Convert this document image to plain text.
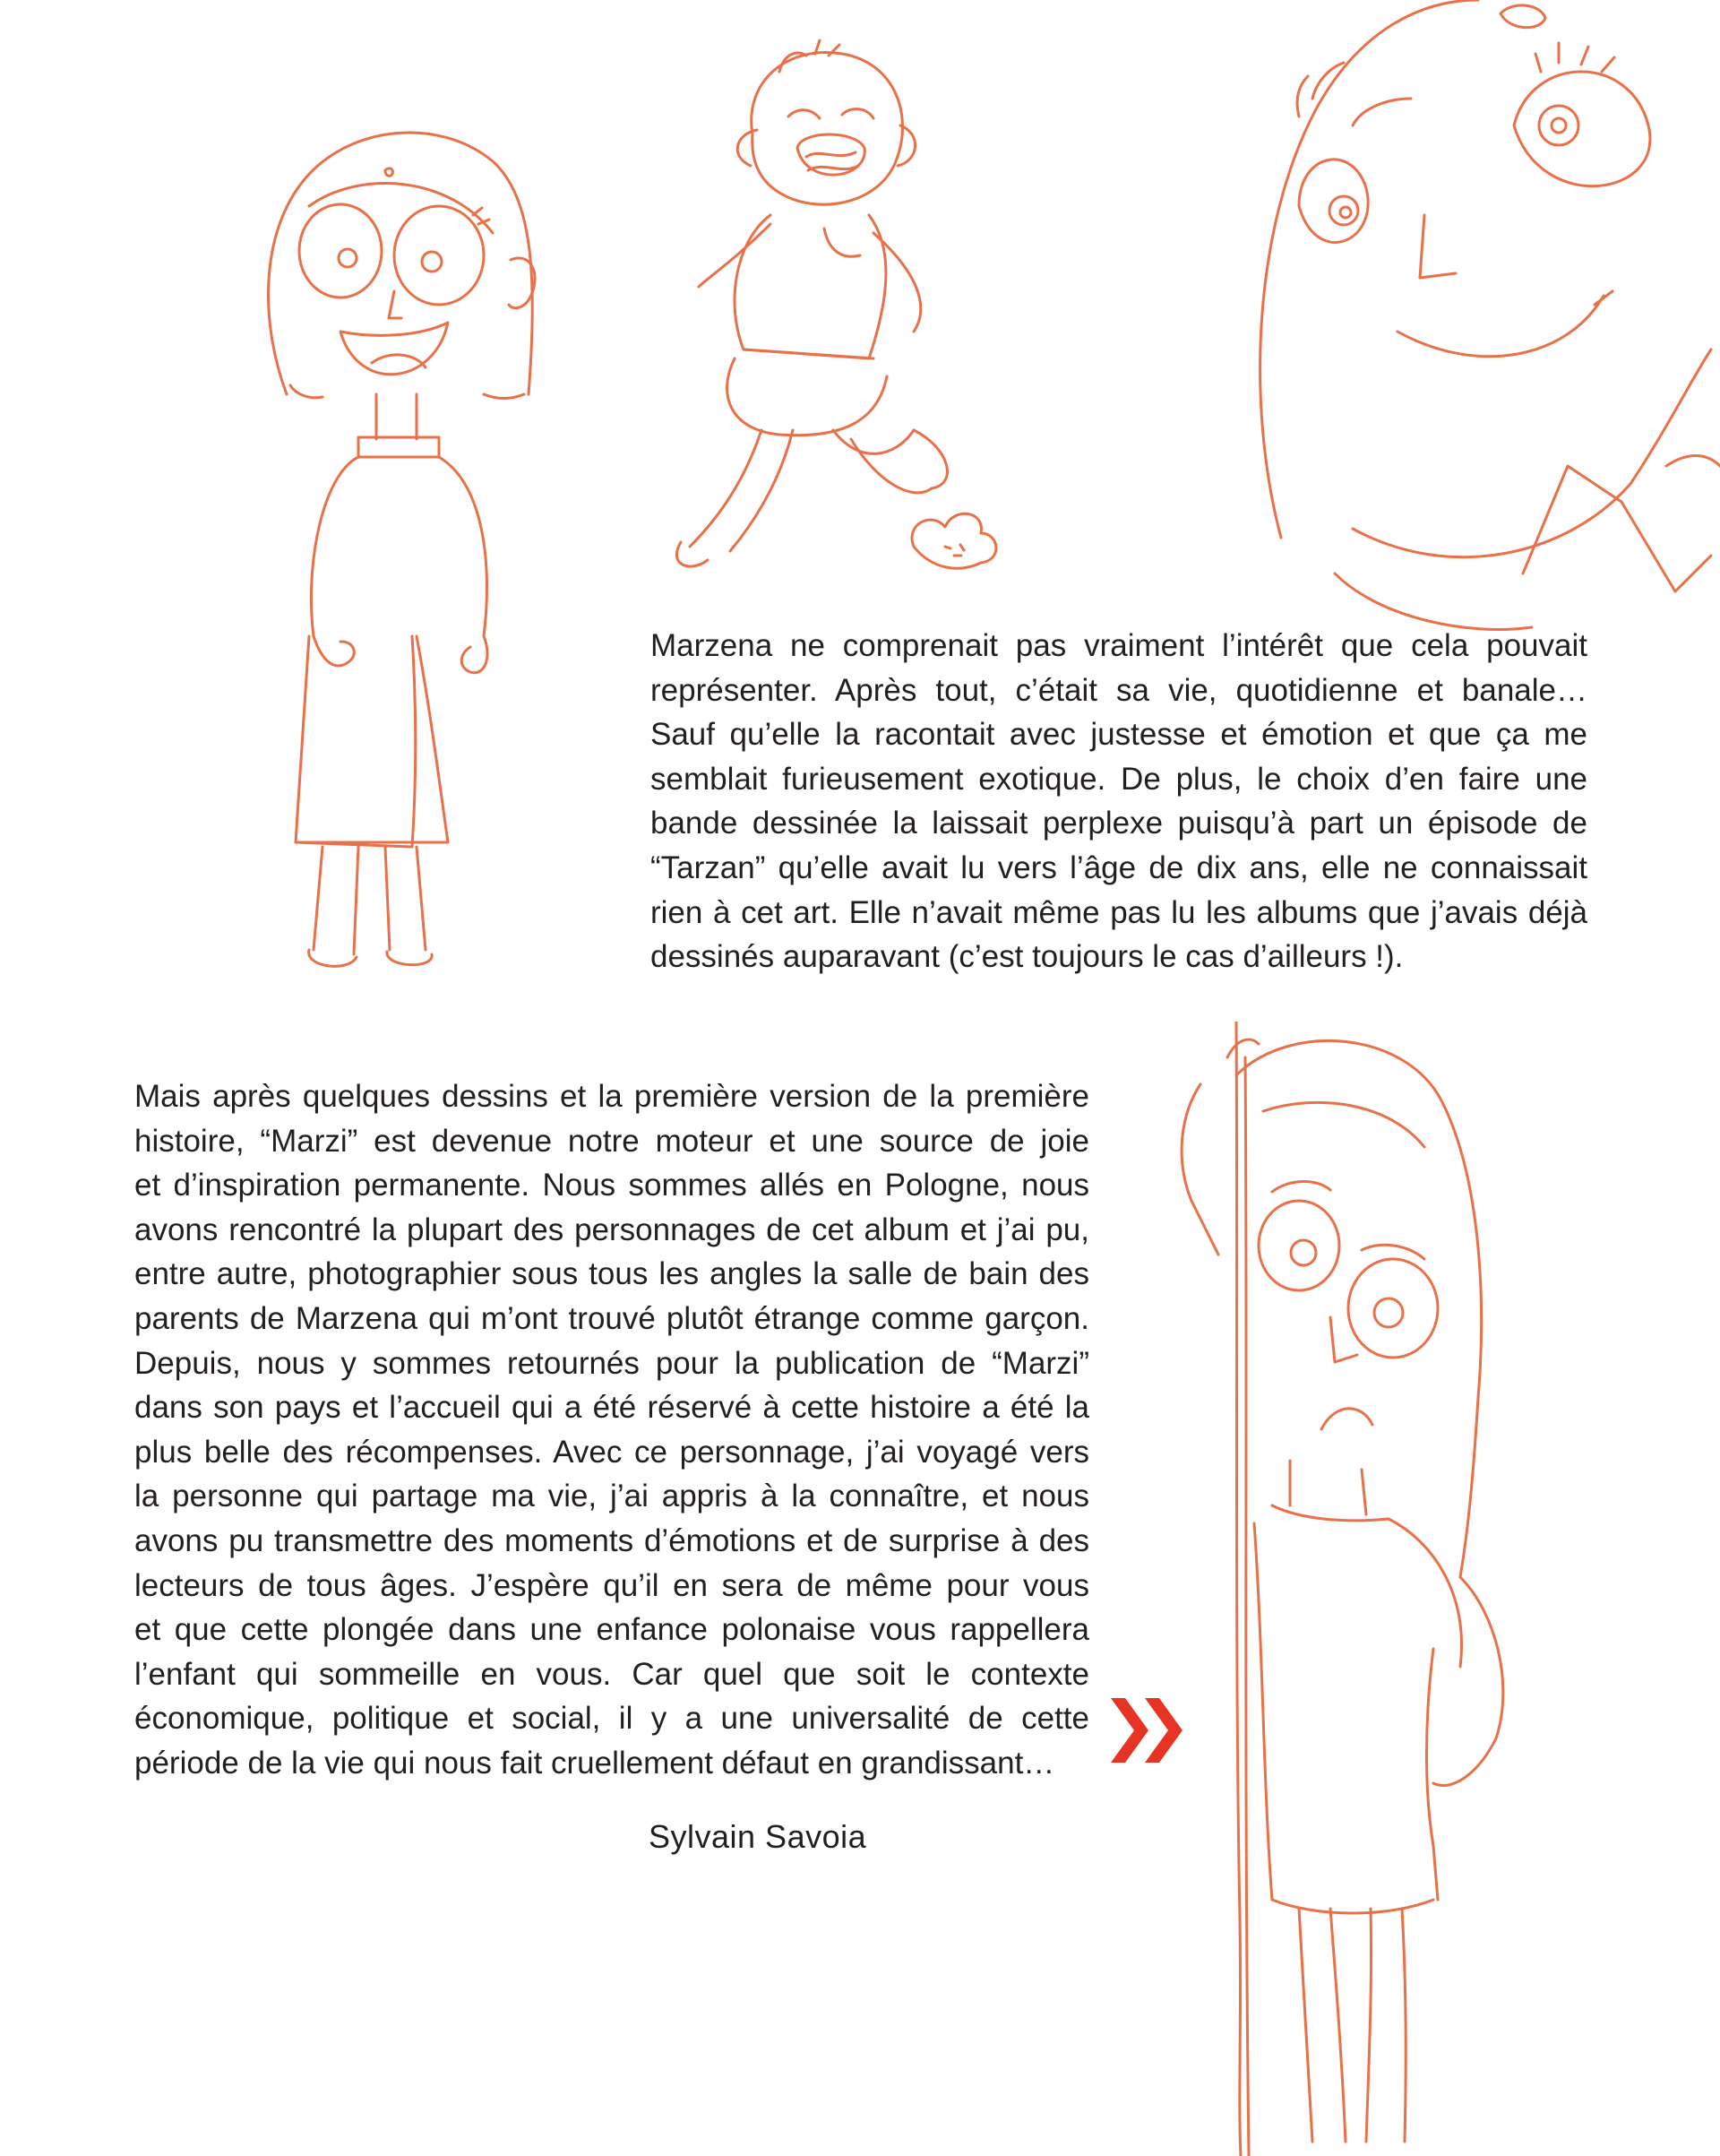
Marzena ne comprenait pas vraiment l’intérêt que cela pouvait
représenter. Après tout, c’était sa vie, quotidienne et banale…
Sauf qu’elle la racontait avec justesse et émotion et que ça me
semblait furieusement exotique. De plus, le choix d’en faire une
bande dessinée la laissait perplexe puisqu’à part un épisode de
“Tarzan” qu’elle avait lu vers l’âge de dix ans, elle ne connaissait
rien à cet art. Elle n’avait même pas lu les albums que j’avais déjà
dessinés auparavant (c’est toujours le cas d’ailleurs !).
Mais après quelques dessins et la première version de la première
histoire, “Marzi” est devenue notre moteur et une source de joie
et d’inspiration permanente. Nous sommes allés en Pologne, nous
avons rencontré la plupart des personnages de cet album et j’ai pu,
entre autre, photographier sous tous les angles la salle de bain des
parents de Marzena qui m’ont trouvé plutôt étrange comme garçon.
Depuis, nous y sommes retournés pour la publication de “Marzi”
dans son pays et l’accueil qui a été réservé à cette histoire a été la
plus belle des récompenses. Avec ce personnage, j’ai voyagé vers
la personne qui partage ma vie, j’ai appris à la connaître, et nous
avons pu transmettre des moments d’émotions et de surprise à des
lecteurs de tous âges. J’espère qu’il en sera de même pour vous
et que cette plongée dans une enfance polonaise vous rappellera
l’enfant qui sommeille en vous. Car quel que soit le contexte
économique, politique et social, il y a une universalité de cette
période de la vie qui nous fait cruellement défaut en grandissant…
Sylvain Savoia
